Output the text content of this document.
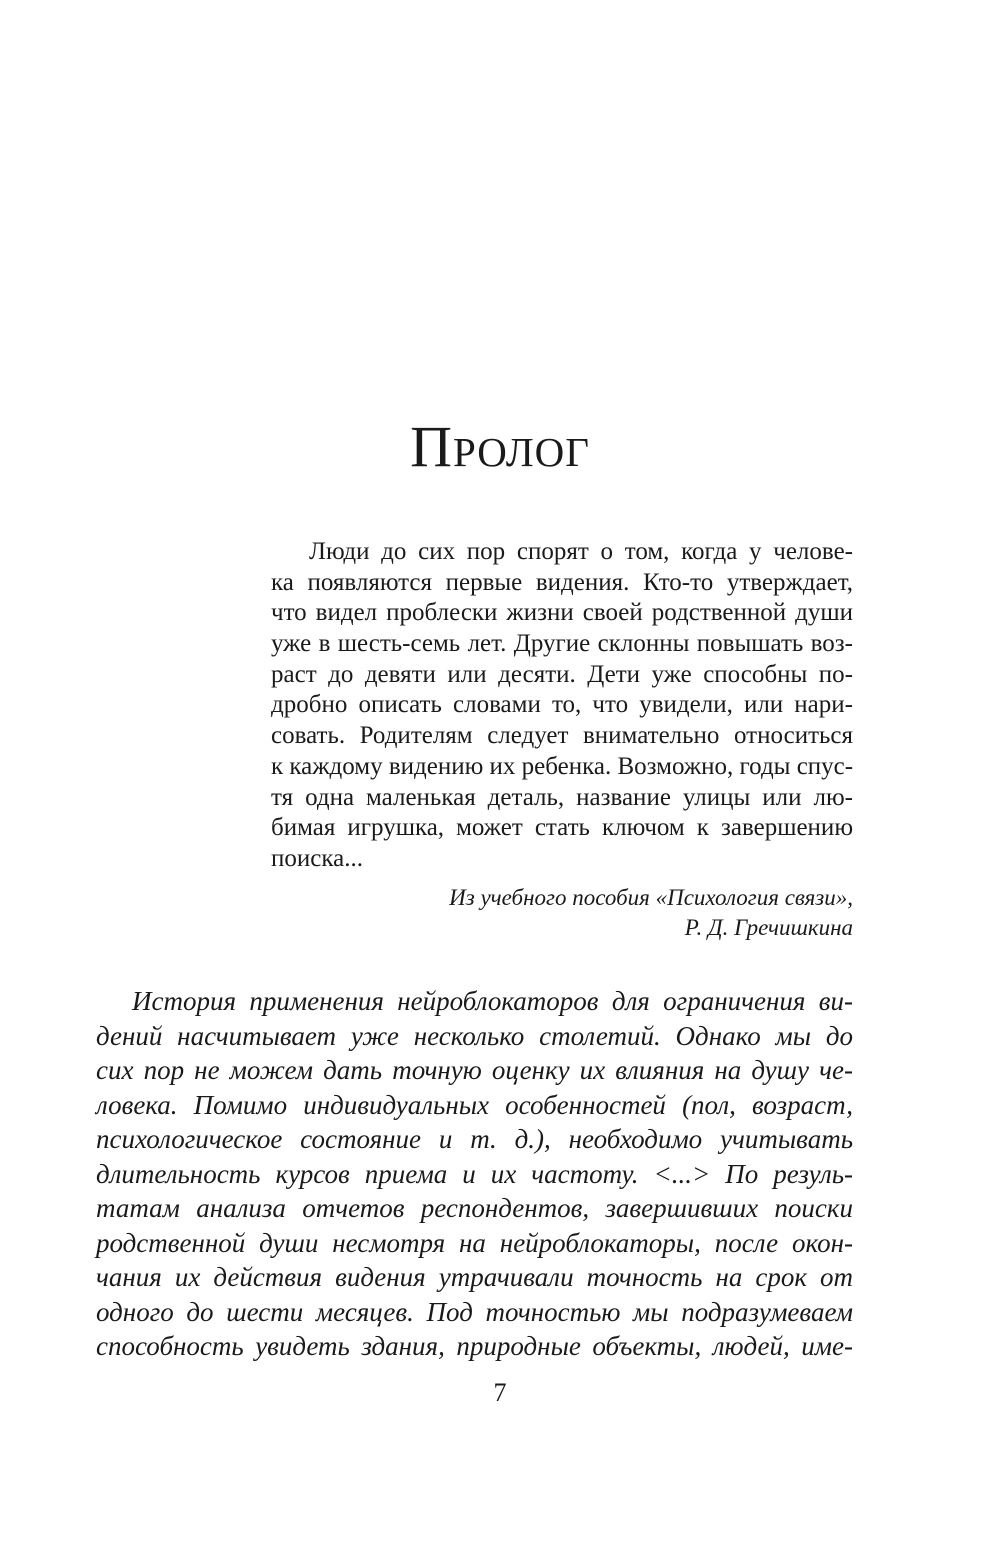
Пролог
Люди до сих пор спорят о том, когда у челове-
ка появляются первые видения. Кто-то утверждает,
что видел проблески жизни своей родственной души
уже в шесть-семь лет. Другие склонны повышать воз-
раст до девяти или десяти. Дети уже способны по-
дробно описать словами то, что увидели, или нари-
совать. Родителям следует внимательно относиться
к каждому видению их ребенка. Возможно, годы спус-
тя одна маленькая деталь, название улицы или лю-
бимая игрушка, может стать ключом к завершению
поиска...
Из учебного пособия «Психология связи»,
Р. Д. Гречишкина
История применения нейроблокаторов для ограничения ви-
дений насчитывает уже несколько столетий. Однако мы до
сих пор не можем дать точную оценку их влияния на душу че-
ловека. Помимо индивидуальных особенностей (пол, возраст,
психологическое состояние и т. д.), необходимо учитывать
длительность курсов приема и их частоту. <...> По резуль-
татам анализа отчетов респондентов, завершивших поиски
родственной души несмотря на нейроблокаторы, после окон-
чания их действия видения утрачивали точность на срок от
одного до шести месяцев. Под точностью мы подразумеваем
способность увидеть здания, природные объекты, людей, име-
7
